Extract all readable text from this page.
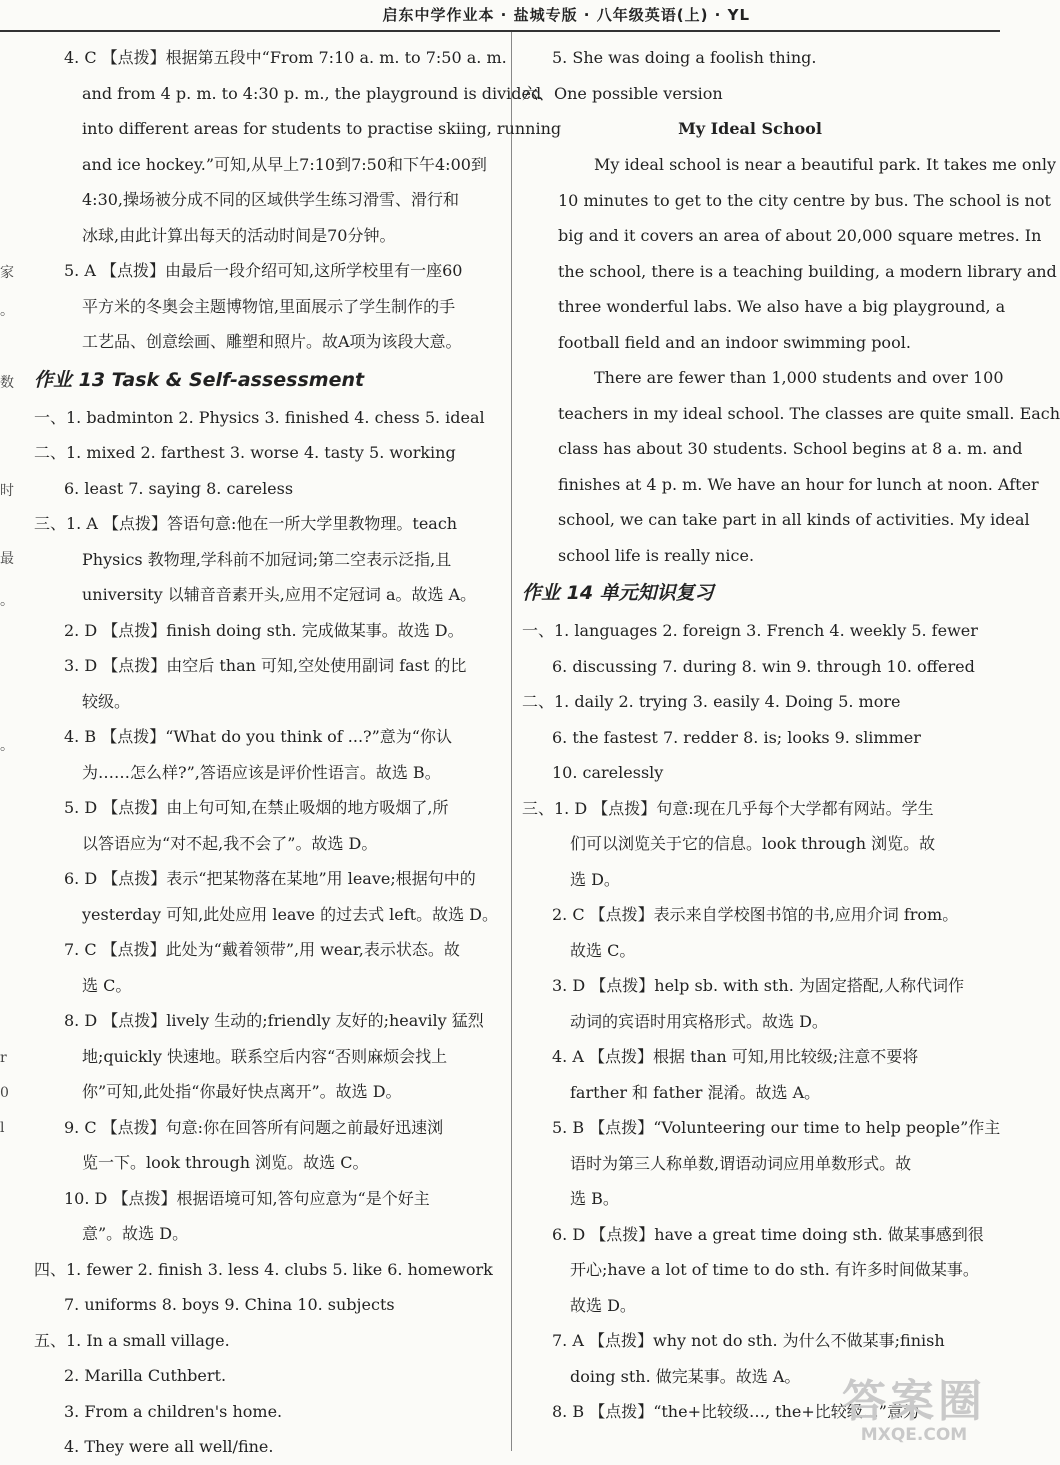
启东中学作业本 · 盐城专版 · 八年级英语(上) · YL
家
。
数
时
最
。
。
r
0
l

4. C 【点拨】根据第五段中“From 7:10 a. m. to 7:50 a. m.

and from 4 p. m. to 4:30 p. m., the playground is divided

into different areas for students to practise skiing, running

and ice hockey.”可知,从早上7:10到7:50和下午4:00到

4:30,操场被分成不同的区域供学生练习滑雪、滑行和

冰球,由此计算出每天的活动时间是70分钟。

5. A 【点拨】由最后一段介绍可知,这所学校里有一座60

平方米的冬奥会主题博物馆,里面展示了学生制作的手

工艺品、创意绘画、雕塑和照片。故A项为该段大意。

作业 13 Task & Self-assessment

一、1. badminton 2. Physics 3. finished 4. chess 5. ideal

二、1. mixed 2. farthest 3. worse 4. tasty 5. working

6. least 7. saying 8. careless

三、1. A 【点拨】答语句意:他在一所大学里教物理。teach

Physics 教物理,学科前不加冠词;第二空表示泛指,且

university 以辅音音素开头,应用不定冠词 a。故选 A。

2. D 【点拨】finish doing sth. 完成做某事。故选 D。

3. D 【点拨】由空后 than 可知,空处使用副词 fast 的比

较级。

4. B 【点拨】“What do you think of ...?”意为“你认

为……怎么样?”,答语应该是评价性语言。故选 B。

5. D 【点拨】由上句可知,在禁止吸烟的地方吸烟了,所

以答语应为“对不起,我不会了”。故选 D。

6. D 【点拨】表示“把某物落在某地”用 leave;根据句中的

yesterday 可知,此处应用 leave 的过去式 left。故选 D。

7. C 【点拨】此处为“戴着领带”,用 wear,表示状态。故

选 C。

8. D 【点拨】lively 生动的;friendly 友好的;heavily 猛烈

地;quickly 快速地。联系空后内容“否则麻烦会找上

你”可知,此处指“你最好快点离开”。故选 D。

9. C 【点拨】句意:你在回答所有问题之前最好迅速浏

览一下。look through 浏览。故选 C。

10. D 【点拨】根据语境可知,答句应意为“是个好主

意”。故选 D。

四、1. fewer 2. finish 3. less 4. clubs 5. like 6. homework

7. uniforms 8. boys 9. China 10. subjects

五、1. In a small village.

2. Marilla Cuthbert.

3. From a children's home.

4. They were all well/fine.

5. She was doing a foolish thing.

六、One possible version

My Ideal School

My ideal school is near a beautiful park. It takes me only

10 minutes to get to the city centre by bus. The school is not

big and it covers an area of about 20,000 square metres. In

the school, there is a teaching building, a modern library and

three wonderful labs. We also have a big playground, a

football field and an indoor swimming pool.

There are fewer than 1,000 students and over 100

teachers in my ideal school. The classes are quite small. Each

class has about 30 students. School begins at 8 a. m. and

finishes at 4 p. m. We have an hour for lunch at noon. After

school, we can take part in all kinds of activities. My ideal

school life is really nice.

作业 14 单元知识复习

一、1. languages 2. foreign 3. French 4. weekly 5. fewer

6. discussing 7. during 8. win 9. through 10. offered

二、1. daily 2. trying 3. easily 4. Doing 5. more

6. the fastest 7. redder 8. is; looks 9. slimmer

10. carelessly

三、1. D 【点拨】句意:现在几乎每个大学都有网站。学生

们可以浏览关于它的信息。look through 浏览。故

选 D。

2. C 【点拨】表示来自学校图书馆的书,应用介词 from。

故选 C。

3. D 【点拨】help sb. with sth. 为固定搭配,人称代词作

动词的宾语时用宾格形式。故选 D。

4. A 【点拨】根据 than 可知,用比较级;注意不要将

farther 和 father 混淆。故选 A。

5. B 【点拨】“Volunteering our time to help people”作主

语时为第三人称单数,谓语动词应用单数形式。故

选 B。

6. D 【点拨】have a great time doing sth. 做某事感到很

开心;have a lot of time to do sth. 有许多时间做某事。

故选 D。

7. A 【点拨】why not do sth. 为什么不做某事;finish

doing sth. 做完某事。故选 A。

8. B 【点拨】“the+比较级…, the+比较级…”意为

答案圈
MXQE.COM
